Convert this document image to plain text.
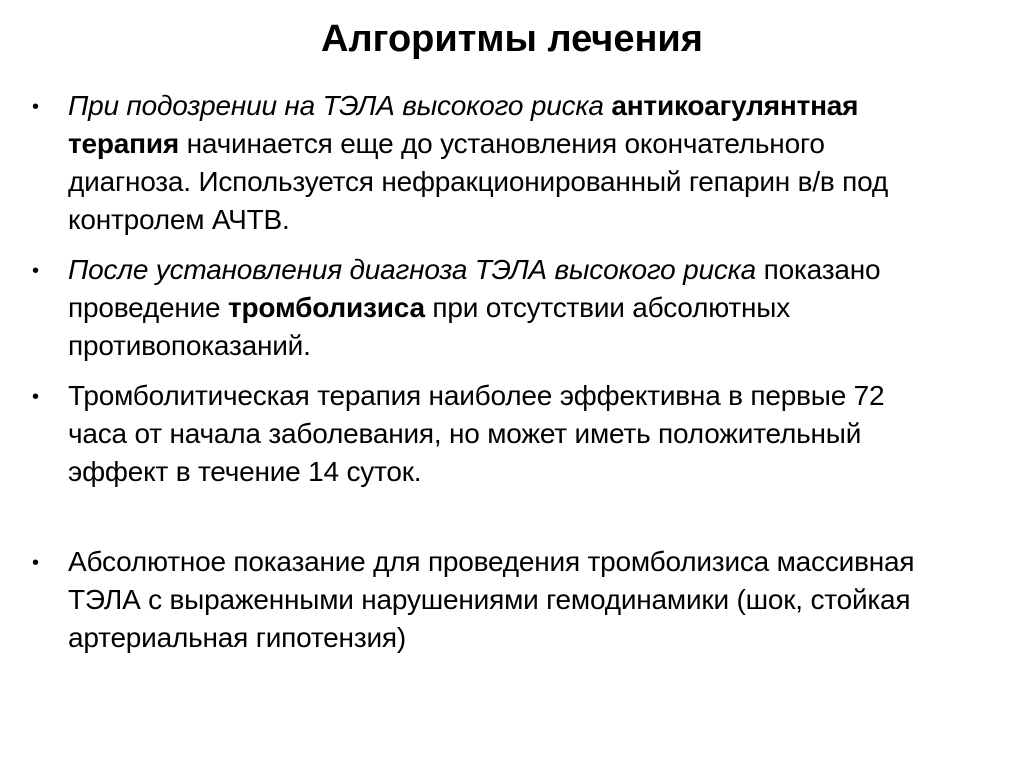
Алгоритмы лечения
•	При подозрении на ТЭЛА высокого риска антикоагулянтная терапия начинается еще до установления окончательного диагноза. Используется нефракционированный гепарин в/в под контролем АЧТВ.

•	После установления диагноза ТЭЛА высокого риска показано проведение тромболизиса при отсутствии абсолютных противопоказаний.

•	Тромболитическая терапия наиболее эффективна в первые 72 часа от начала заболевания, но может иметь положительный эффект в течение 14 суток.

•	Абсолютное показание для проведения тромболизиса массивная ТЭЛА с выраженными нарушениями гемодинамики (шок, стойкая артериальная гипотензия)
